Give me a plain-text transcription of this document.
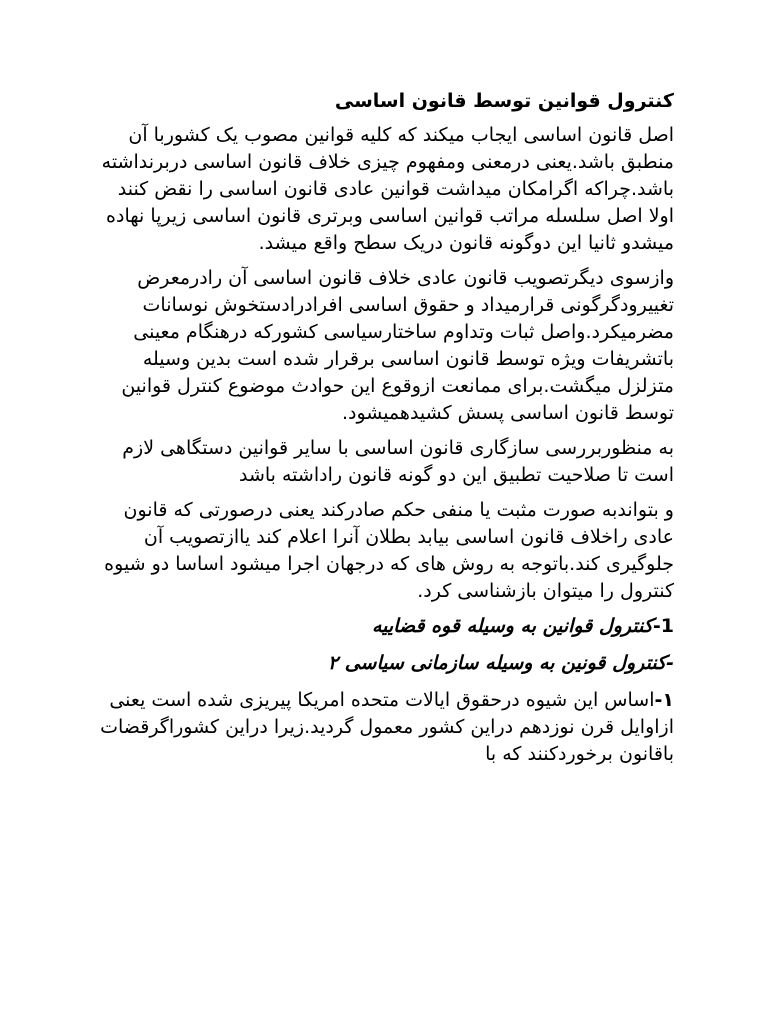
کنترول قوانین توسط قانون اساسی

اصل قانون اساسی ایجاب میکند که کلیه قوانین مصوب یک کشوربا آن منطبق باشد.یعنی درمعنی ومفهوم چیزی خلاف قانون اساسی دربرنداشته باشد.چراکه اگرامکان میداشت قوانین عادی قانون اساسی را نقض کنند اولا اصل سلسله مراتب قوانین اساسی وبرتری قانون اساسی زیرپا نهاده میشدو ثانیا این دوگونه قانون دریک سطح واقع میشد.

وازسوی دیگرتصویب قانون عادی خلاف قانون اساسی آن رادرمعرض تغییرودگرگونی قرارمیداد و حقوق اساسی افرادرادستخوش نوسانات مضرمیکرد.واصل ثبات وتداوم ساختارسیاسی کشورکه درهنگام معینی باتشریفات ویژه توسط قانون اساسی برقرار شده است بدین وسیله متزلزل میگشت.برای ممانعت ازوقوع این حوادث موضوع کنترل قوانین توسط قانون اساسی پسش کشیدهمیشود.

به منظوربررسی سازگاری قانون اساسی با سایر قوانین دستگاهی لازم است تا صلاحیت تطبیق این دو گونه قانون راداشته باشد

و بتواندبه صورت مثبت یا منفی حکم صادرکند یعنی درصورتی که قانون عادی راخلاف قانون اساسی بیابد بطلان آنرا اعلام کند یاازتصویب آن جلوگیری کند.باتوجه به روش های که درجهان اجرا میشود اساسا دو شیوه کنترول را میتوان بازشناسی کرد.

1-کنترول قوانین به وسیله قوه قضاییه
-کنترول قونین به وسیله سازمانی سیاسی ۲

۱-اساس این شیوه درحقوق ایالات متحده امریکا پیریزی شده است یعنی ازاوایل قرن نوزدهم دراین کشور معمول گردید.زیرا دراین کشوراگرقضات باقانون برخوردکنند که با
